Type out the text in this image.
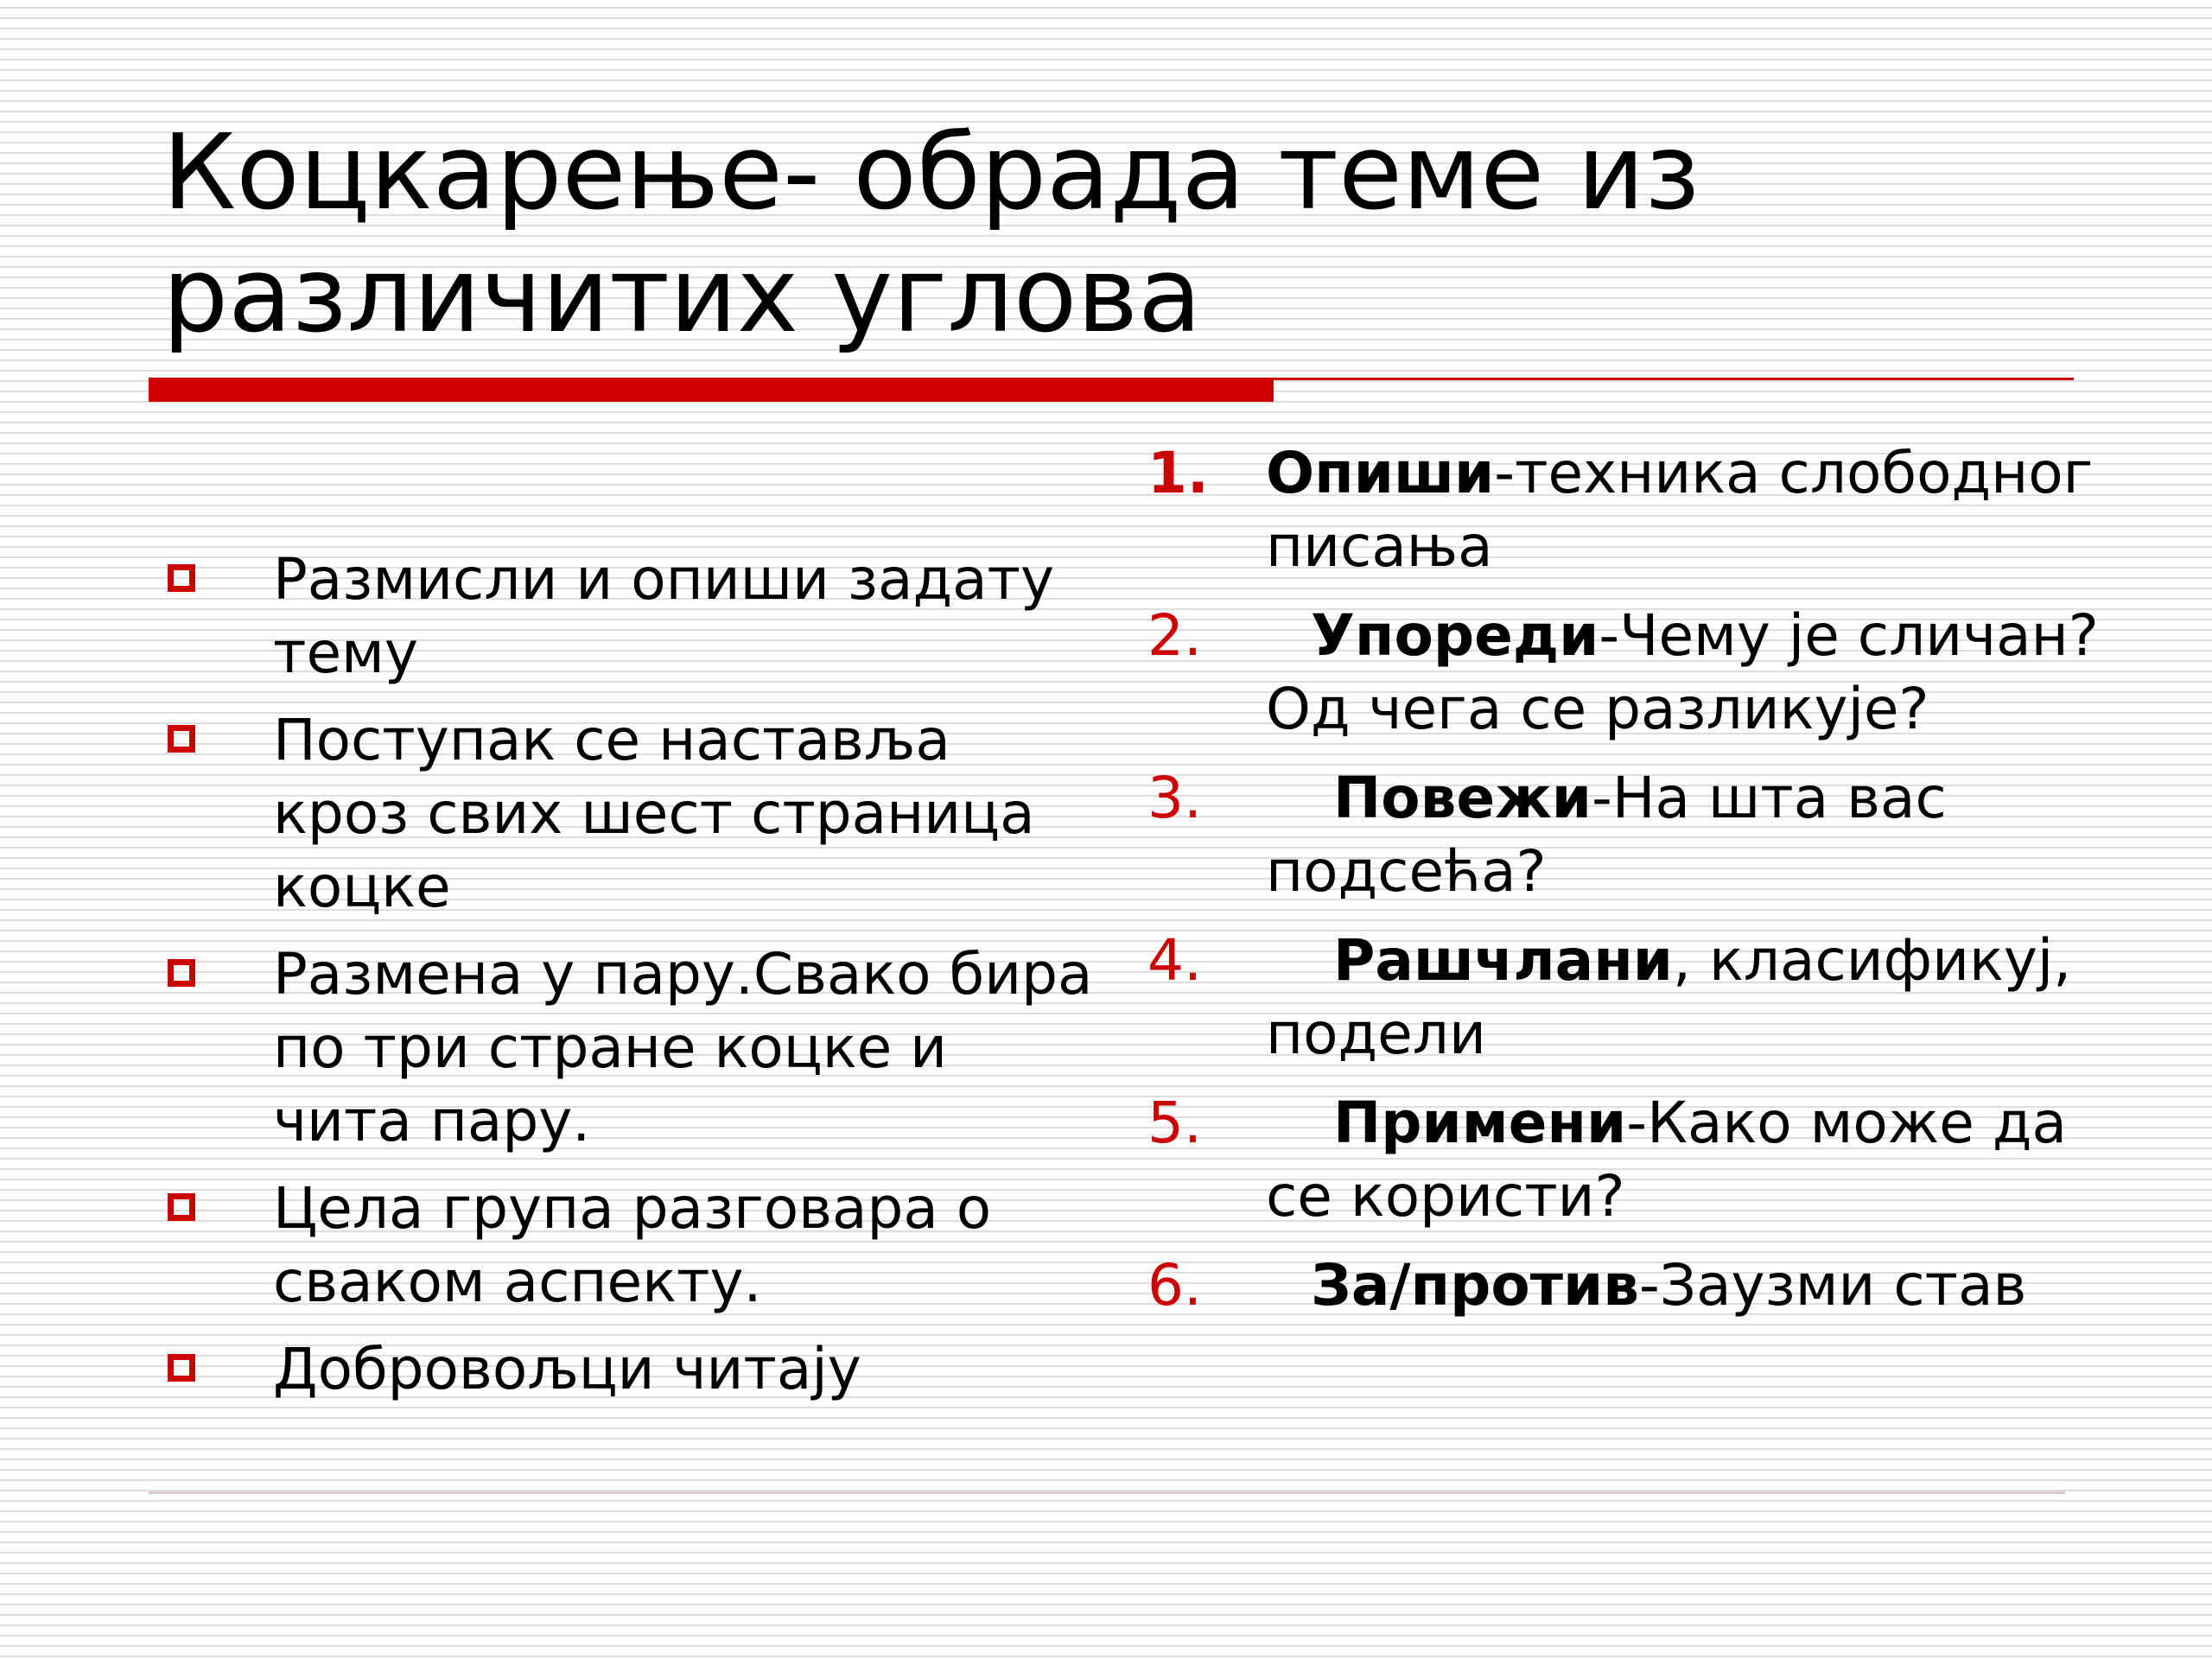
Коцкарење- обрада теме из различитих углова
Размисли и опиши задату тему
Поступак се наставља кроз свих шест страница коцке
Размена у пару.Свако бира по три стране коцке и чита пару.
Цела група разговара о сваком аспекту.
Добровољци читају
1. Опиши-техника слободног писања
2. Упореди-Чему је сличан?Од чега се разликује?
3. Повежи-На шта вас подсећа?
4. Рашчлани, класификуј, подели
5. Примени-Како може да се користи?
6. За/против-Заузми став
